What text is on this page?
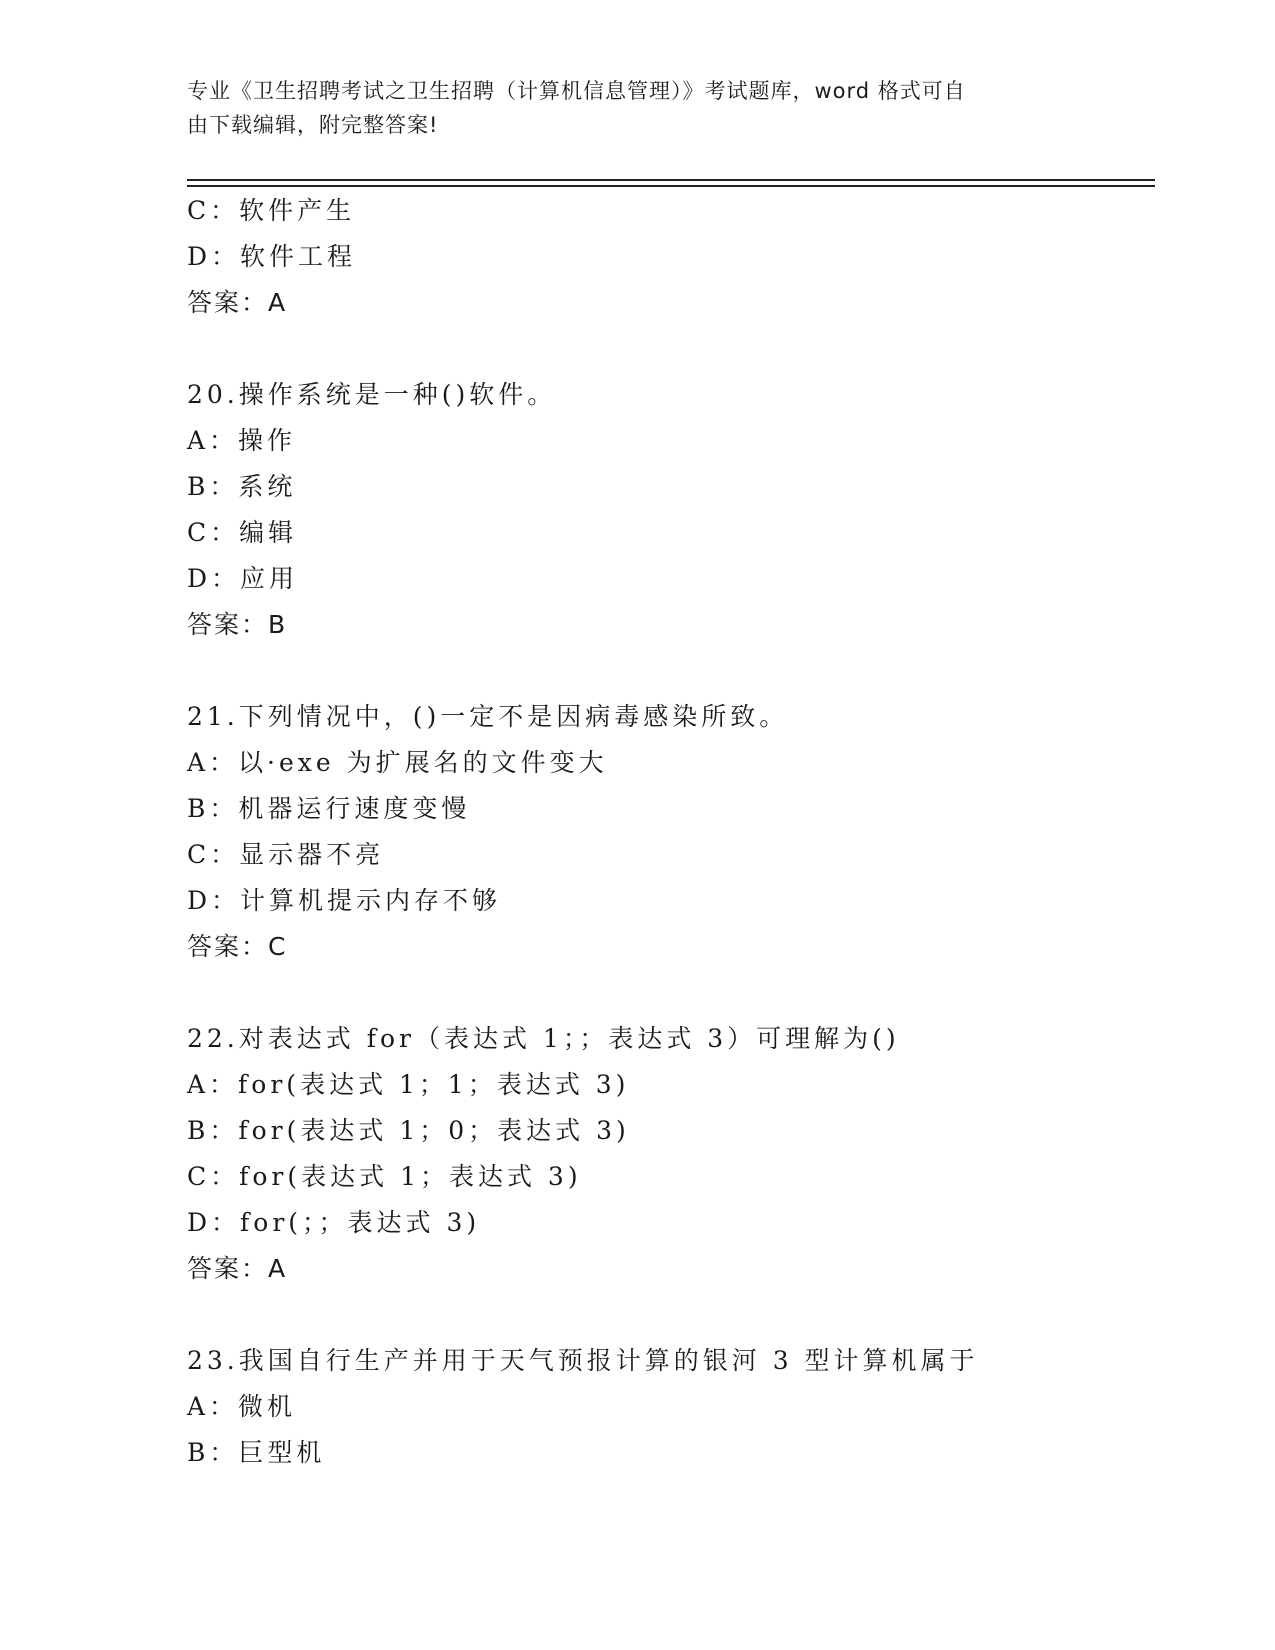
专业《卫生招聘考试之卫生招聘（计算机信息管理）》考试题库，word 格式可自
由下载编辑，附完整答案!
C：软件产生
D：软件工程
答案：A
20.操作系统是一种()软件。
A：操作
B：系统
C：编辑
D：应用
答案：B
21.下列情况中，()一定不是因病毒感染所致。
A：以·exe 为扩展名的文件变大
B：机器运行速度变慢
C：显示器不亮
D：计算机提示内存不够
答案：C
22.对表达式 for（表达式 1；；表达式 3）可理解为()
A：for(表达式 1；1；表达式 3)
B：for(表达式 1；0；表达式 3)
C：for(表达式 1；表达式 3)
D：for(；；表达式 3)
答案：A
23.我国自行生产并用于天气预报计算的银河 3 型计算机属于
A：微机
B：巨型机
